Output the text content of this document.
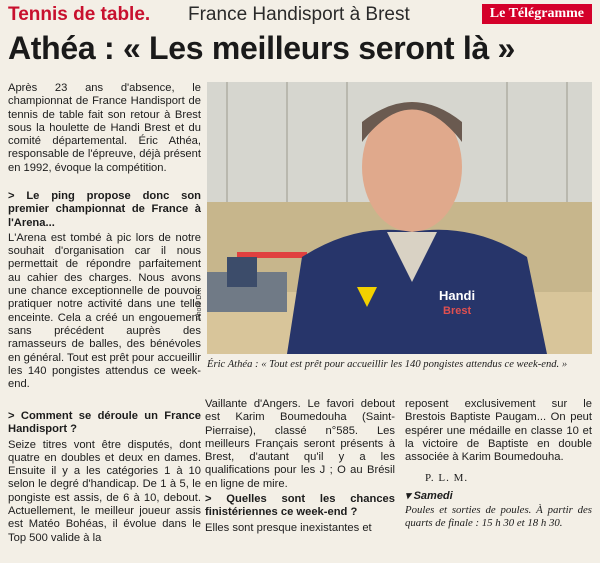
Tennis de table. France Handisport à Brest	Le Télégramme
Athéa : « Les meilleurs seront là »
Après 23 ans d'absence, le championnat de France Handisport de tennis de table fait son retour à Brest sous la houlette de Handi Brest et du comité départemental. Éric Athéa, responsable de l'épreuve, déjà présent en 1992, évoque la compétition.

> Le ping propose donc son premier championnat de France à l'Arena...

L'Arena est tombé à pic lors de notre souhait d'organisation car il nous permettait de répondre parfaitement au cahier des charges. Nous avons une chance exceptionnelle de pouvoir pratiquer notre activité dans une telle enceinte. Cela a créé un engouement sans précédent auprès des ramasseurs de balles, des bénévoles en général. Tout est prêt pour accueillir les 140 pongistes attendus ce week-end.

> Comment se déroule un France Handisport ?

Seize titres vont être disputés, dont quatre en doubles et deux en dames. Ensuite il y a les catégories 1 à 10 selon le degré d'handicap. De 1 à 5, le pongiste est assis, de 6 à 10, debout. Actuellement, le meilleur joueur assis est Matéo Bohéas, il évolue dans le Top 500 valide à la

Handi
Brest
Photo DR
Éric Athéa : « Tout est prêt pour accueillir les 140 pongistes attendus ce week-end. »

Vaillante d'Angers. Le favori debout est Karim Boumedouha (Saint-Pierraise), classé n°585. Les meilleurs Français seront présents à Brest, d'autant qu'il y a les qualifications pour les J ; O au Brésil en ligne de mire.

> Quelles sont les chances finistériennes ce week-end ?

Elles sont presque inexistantes et

reposent exclusivement sur le Brestois Baptiste Paugam... On peut espérer une médaille en classe 10 et la victoire de Baptiste en double associée à Karim Boumedouha.

P. L. M.
▾ Samedi
Poules et sorties de poules. À partir des quarts de finale : 15 h 30 et 18 h 30.
